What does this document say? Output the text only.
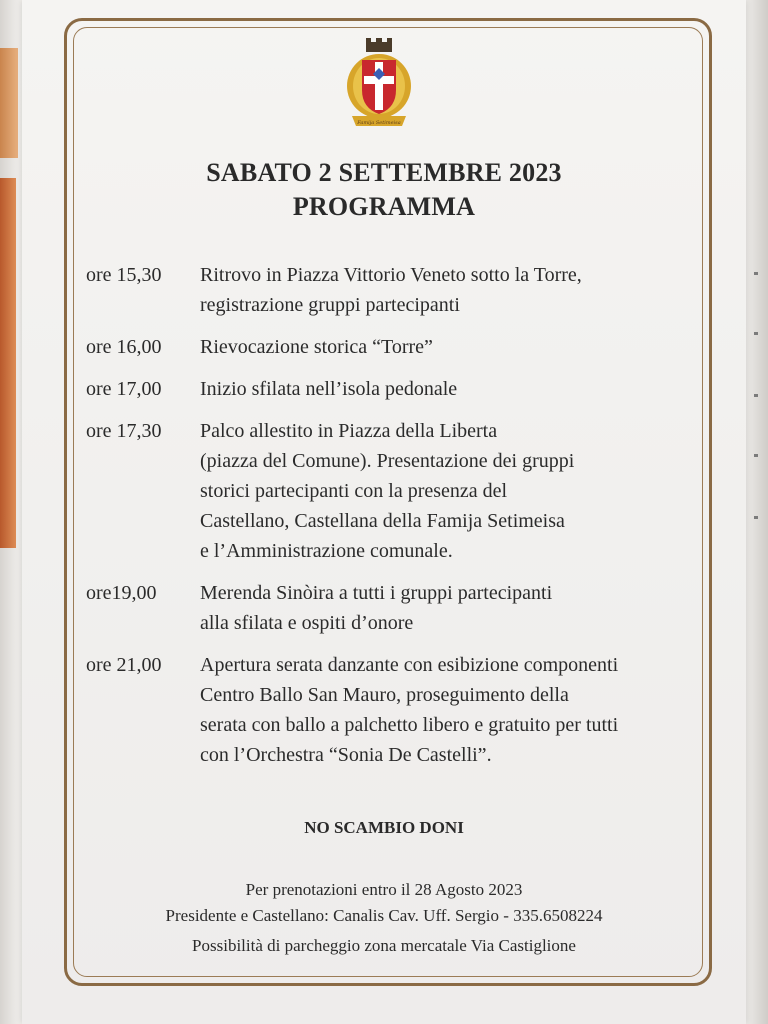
Famija Setimeisa
SABATO 2 SETTEMBRE 2023
PROGRAMMA
ore 15,30	Ritrovo in Piazza Vittorio Veneto sotto la Torre,
registrazione gruppi partecipanti
ore 16,00	Rievocazione storica “Torre”
ore 17,00	Inizio sfilata nell’isola pedonale
ore 17,30	Palco allestito in Piazza della Liberta
(piazza del Comune). Presentazione dei gruppi
storici partecipanti con la presenza del
Castellano, Castellana della Famija Setimeisa
e l’Amministrazione comunale.
ore19,00	Merenda Sinòira a tutti i gruppi partecipanti
alla sfilata e ospiti d’onore
ore 21,00	Apertura serata danzante con esibizione componenti
Centro Ballo San Mauro, proseguimento della
serata con ballo a palchetto libero e gratuito per tutti
con l’Orchestra “Sonia De Castelli”.
NO SCAMBIO DONI
Per prenotazioni entro il 28 Agosto 2023
Presidente e Castellano: Canalis Cav. Uff. Sergio - 335.6508224
Possibilità di parcheggio zona mercatale Via Castiglione
